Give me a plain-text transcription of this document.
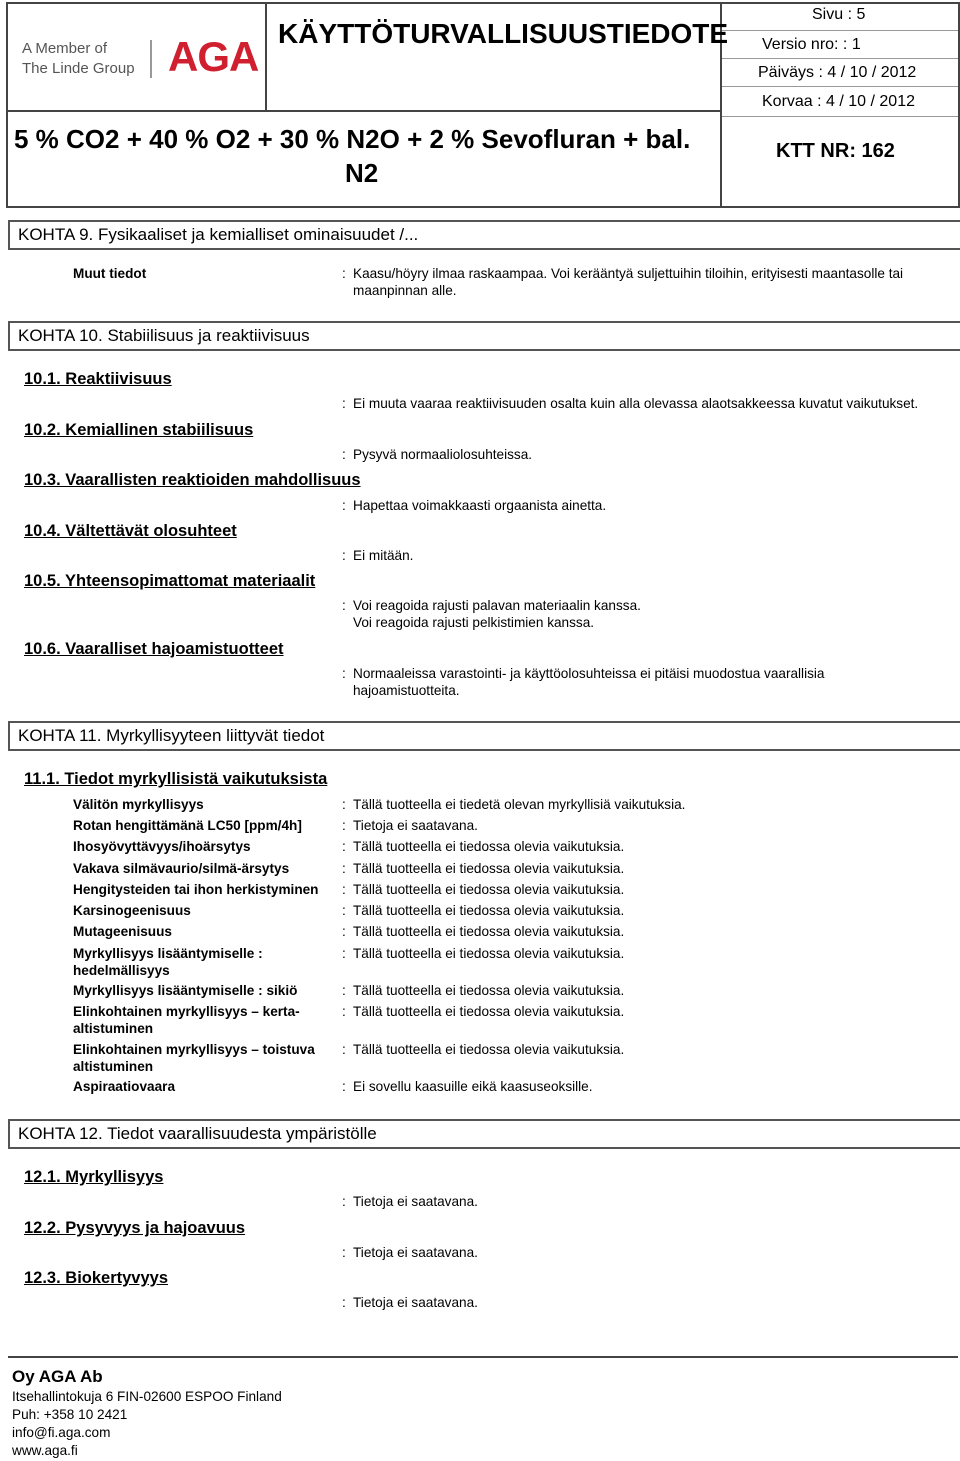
A Member of
The Linde Group AGA KÄYTTÖTURVALLISUUSTIEDOTE
5 % CO2 + 40 % O2 + 30 % N2O + 2 % Sevofluran + bal.
N2
Sivu : 5
Versio nro: : 1
Päiväys : 4 / 10 / 2012
Korvaa : 4 / 10 / 2012
KTT NR: 162
KOHTA 9. Fysikaaliset ja kemialliset ominaisuudet /...
Muut tiedot	: Kaasu/höyry ilmaa raskaampaa. Voi kerääntyä suljettuihin tiloihin, erityisesti maantasolle tai
maanpinnan alle.
KOHTA 10. Stabiilisuus ja reaktiivisuus
10.1. Reaktiivisuus
: Ei muuta vaaraa reaktiivisuuden osalta kuin alla olevassa alaotsakkeessa kuvatut vaikutukset.
10.2. Kemiallinen stabiilisuus
: Pysyvä normaaliolosuhteissa.
10.3. Vaarallisten reaktioiden mahdollisuus
: Hapettaa voimakkaasti orgaanista ainetta.
10.4. Vältettävät olosuhteet
: Ei mitään.
10.5. Yhteensopimattomat materiaalit
: Voi reagoida rajusti palavan materiaalin kanssa.
Voi reagoida rajusti pelkistimien kanssa.
10.6. Vaaralliset hajoamistuotteet
: Normaaleissa varastointi- ja käyttöolosuhteissa ei pitäisi muodostua vaarallisia
hajoamistuotteita.
KOHTA 11. Myrkyllisyyteen liittyvät tiedot
11.1. Tiedot myrkyllisistä vaikutuksista
Välitön myrkyllisyys	: Tällä tuotteella ei tiedetä olevan myrkyllisiä vaikutuksia.
Rotan hengittämänä LC50 [ppm/4h]	: Tietoja ei saatavana.
Ihosyövyttävyys/ihoärsytys	: Tällä tuotteella ei tiedossa olevia vaikutuksia.
Vakava silmävaurio/silmä-ärsytys	: Tällä tuotteella ei tiedossa olevia vaikutuksia.
Hengitysteiden tai ihon herkistyminen : Tällä tuotteella ei tiedossa olevia vaikutuksia.
Karsinogeenisuus	: Tällä tuotteella ei tiedossa olevia vaikutuksia.
Mutageenisuus	: Tällä tuotteella ei tiedossa olevia vaikutuksia.
Myrkyllisyys lisääntymiselle :
hedelmällisyys
: Tällä tuotteella ei tiedossa olevia vaikutuksia.
Myrkyllisyys lisääntymiselle : sikiö	: Tällä tuotteella ei tiedossa olevia vaikutuksia.
Elinkohtainen myrkyllisyys – kerta-
altistuminen
: Tällä tuotteella ei tiedossa olevia vaikutuksia.
Elinkohtainen myrkyllisyys – toistuva
altistuminen
: Tällä tuotteella ei tiedossa olevia vaikutuksia.
Aspiraatiovaara	: Ei sovellu kaasuille eikä kaasuseoksille.
KOHTA 12. Tiedot vaarallisuudesta ympäristölle
12.1. Myrkyllisyys
: Tietoja ei saatavana.
12.2. Pysyvyys ja hajoavuus
: Tietoja ei saatavana.
12.3. Biokertyvyys
: Tietoja ei saatavana.
Oy AGA Ab
Itsehallintokuja 6 FIN-02600 ESPOO Finland
Puh: +358 10 2421
info@fi.aga.com
www.aga.fi
